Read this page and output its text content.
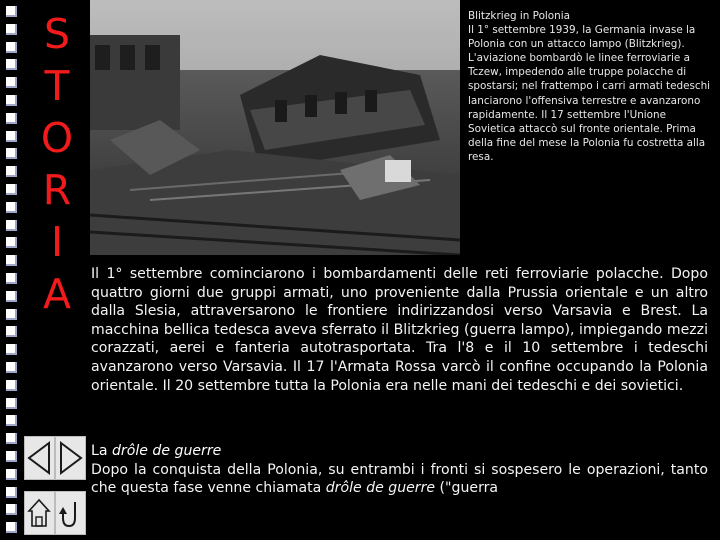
S
T
O
R
I
A

Blitzkrieg in Polonia

Il 1° settembre 1939, la Germania invase la Polonia con un attacco lampo (Blitzkrieg). L'aviazione bombardò le linee ferroviarie a Tczew, impedendo alle truppe polacche di spostarsi; nel frattempo i carri armati tedeschi lanciarono l'offensiva terrestre e avanzarono rapidamente. Il 17 settembre l'Unione Sovietica attaccò sul fronte orientale. Prima della fine del mese la Polonia fu costretta alla resa.

Il 1° settembre cominciarono i bombardamenti delle reti ferroviarie polacche. Dopo quattro giorni due gruppi armati, uno proveniente dalla Prussia orientale e un altro dalla Slesia, attraversarono le frontiere indirizzandosi verso Varsavia e Brest. La macchina bellica tedesca aveva sferrato il Blitzkrieg (guerra lampo), impiegando mezzi corazzati, aerei e fanteria autotrasportata. Tra l'8 e il 10 settembre i tedeschi avanzarono verso Varsavia. Il 17 l'Armata Rossa varcò il confine occupando la Polonia orientale. Il 20 settembre tutta la Polonia era nelle mani dei tedeschi e dei sovietici.
La drôle de guerre
Dopo la conquista della Polonia, su entrambi i fronti si sospesero le operazioni, tanto che questa fase venne chiamata drôle de guerre ("guerra
